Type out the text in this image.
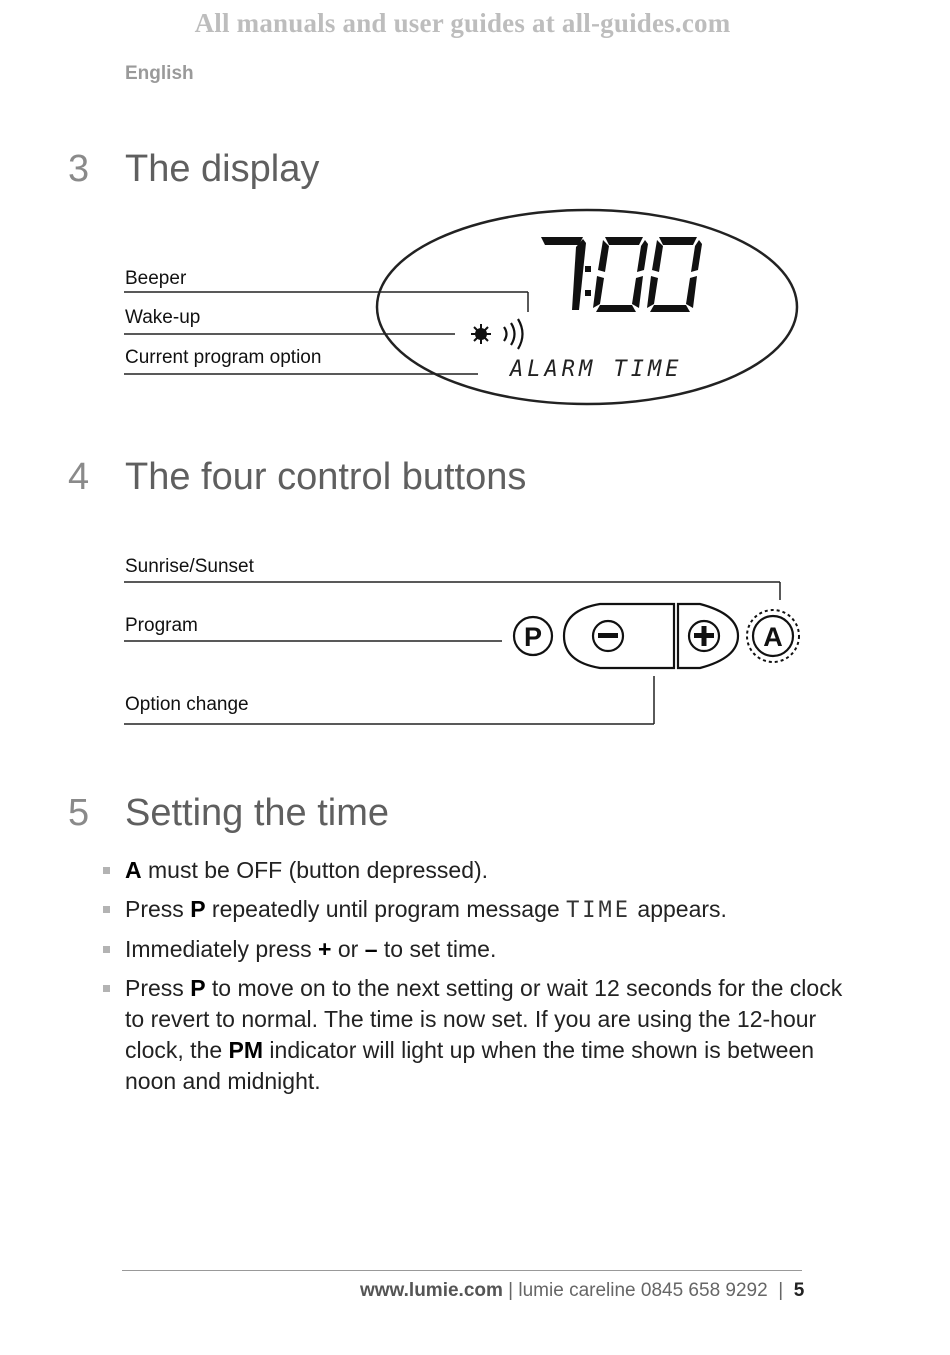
All manuals and user guides at all-guides.com
English
3 The display
Beeper
Wake-up
Current program option	ALARM TIME
4 The four control buttons
Sunrise/Sunset
Program
Option change
P	A
5 Setting the time
A must be OFF (button depressed).
Press P repeatedly until program message TIME appears.
Immediately press + or – to set time.
Press P to move on to the next setting or wait 12 seconds for the clock to revert to normal. The time is now set. If you are using the 12-hour clock, the PM indicator will light up when the time shown is between noon and midnight.
www.lumie.com | lumie careline 0845 658 9292 | 5
